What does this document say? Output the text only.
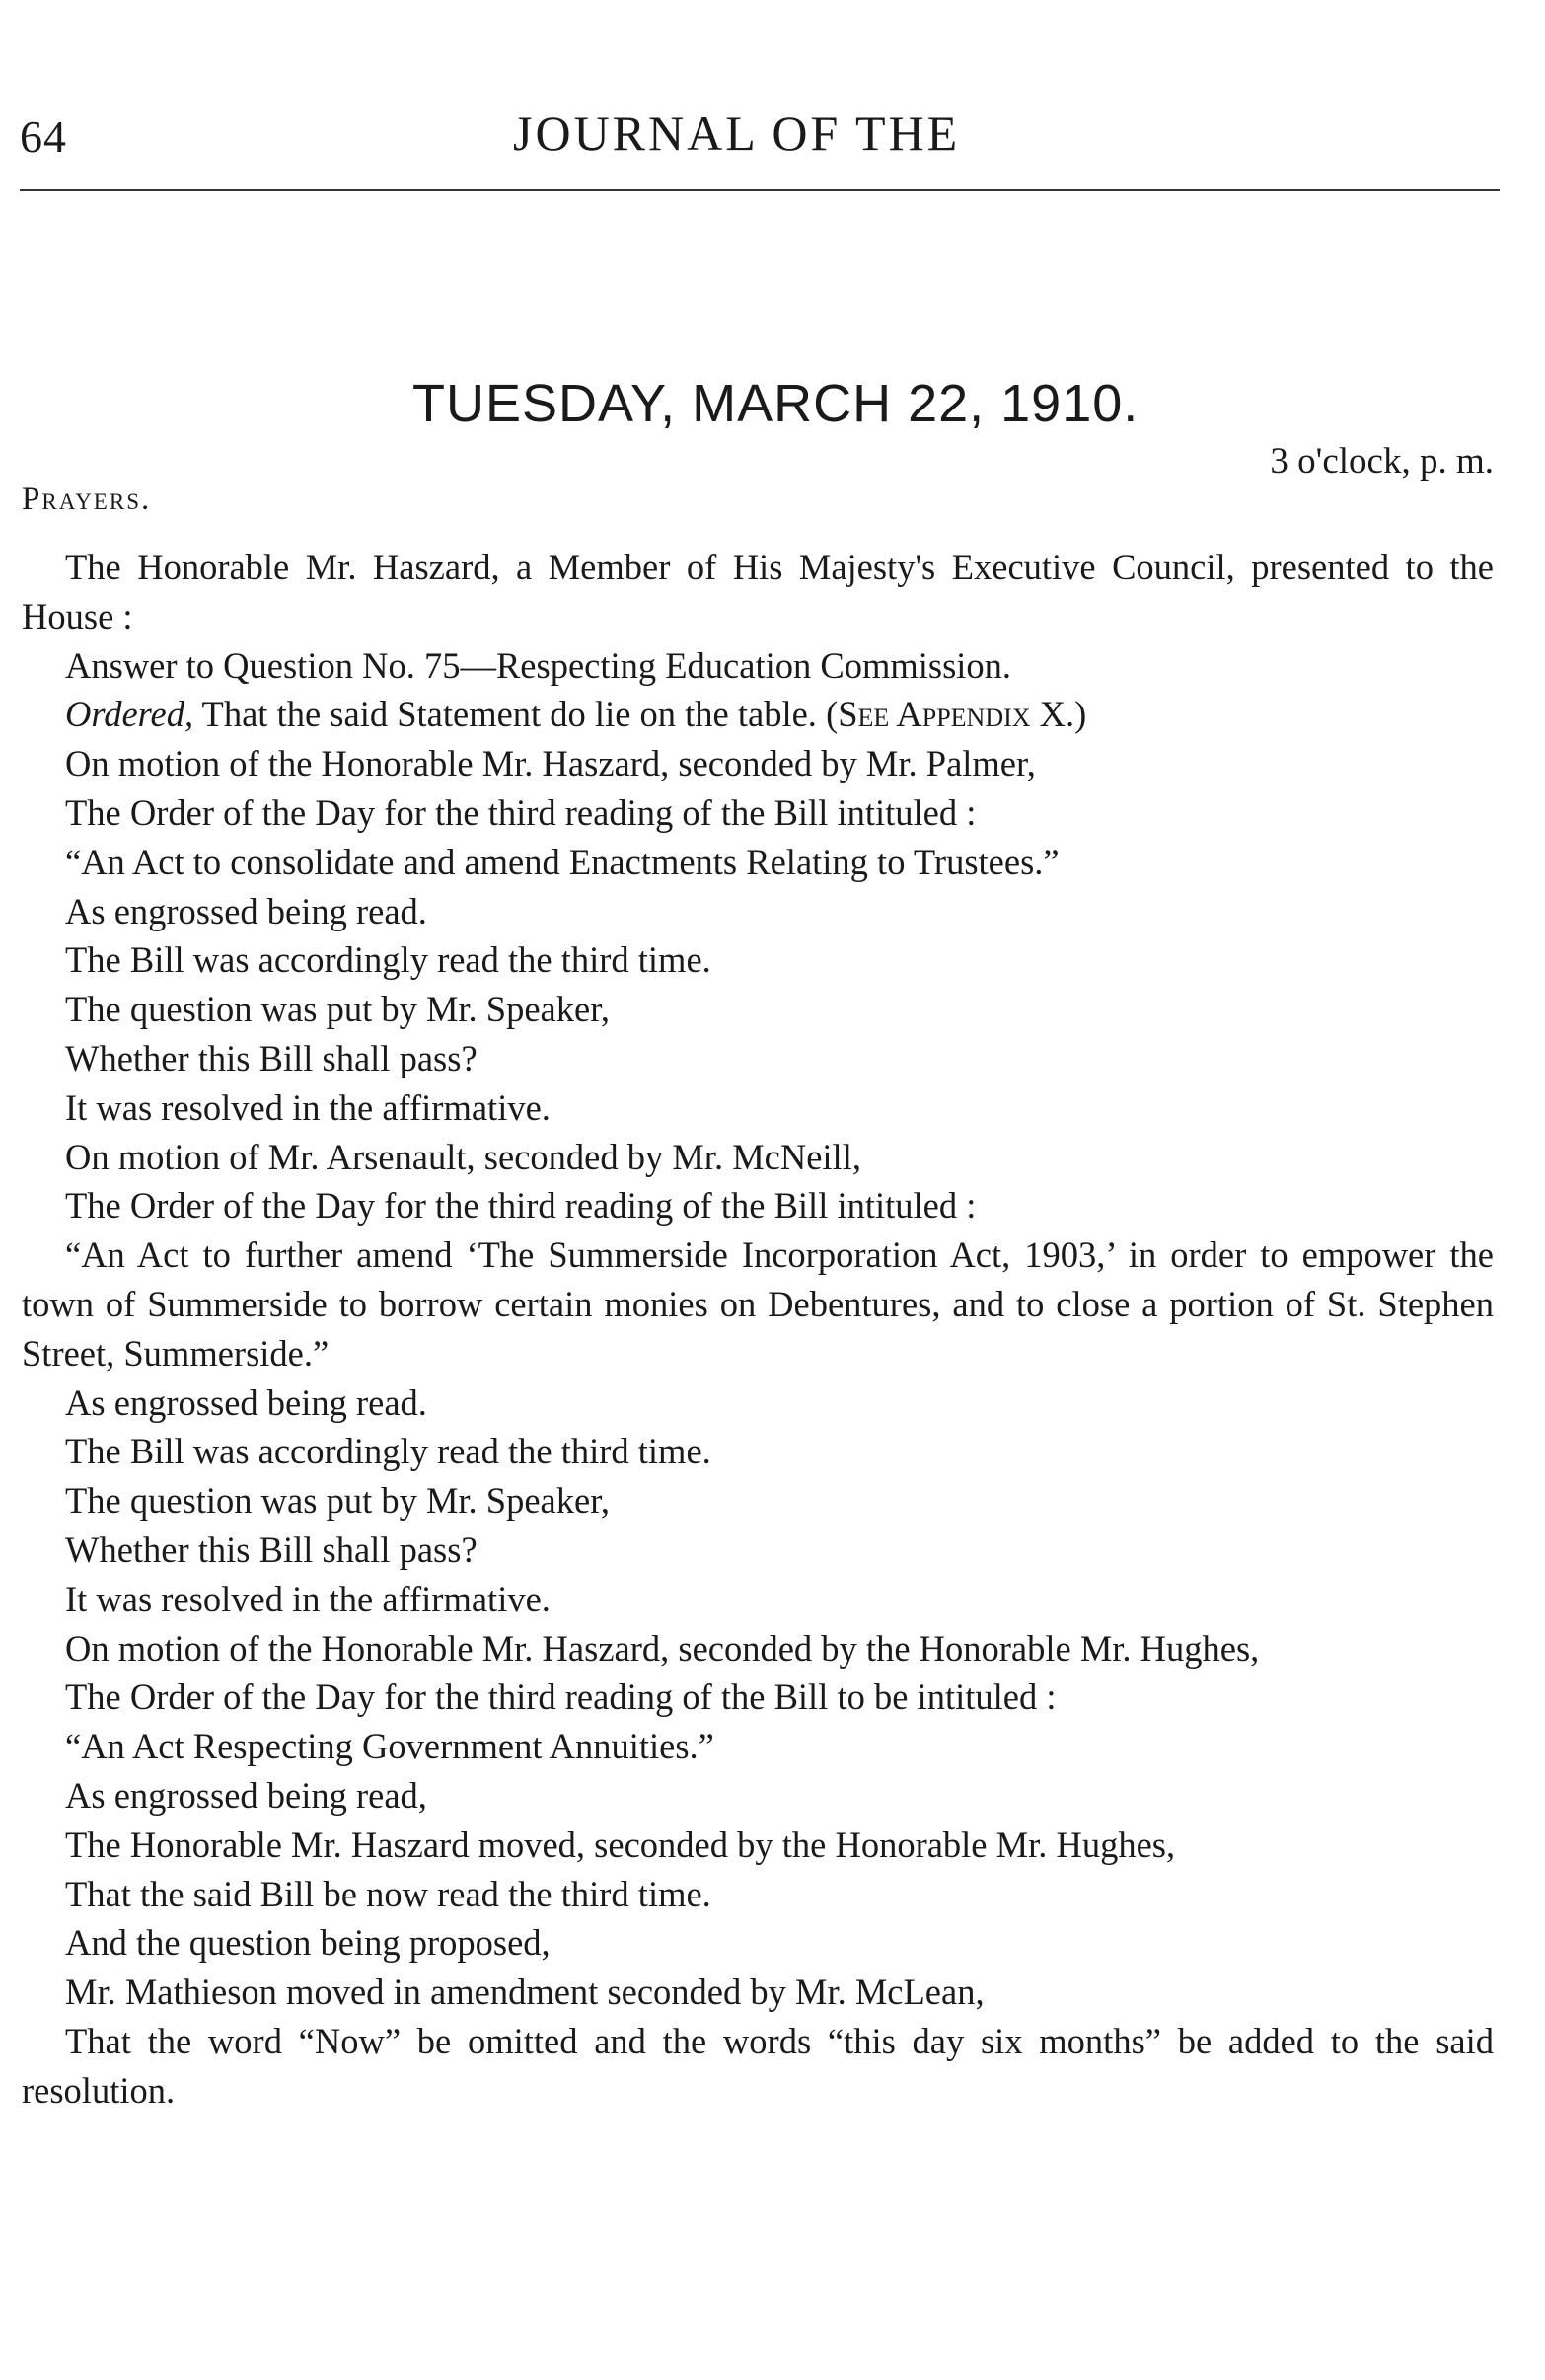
64	JOURNAL OF THE
TUESDAY, MARCH 22, 1910.
3 o'clock, p. m.
Prayers.

The Honorable Mr. Haszard, a Member of His Majesty's Executive Council, presented to the House :

Answer to Question No. 75—Respecting Education Commission.

Ordered, That the said Statement do lie on the table. (See Appendix X.)

On motion of the Honorable Mr. Haszard, seconded by Mr. Palmer,

The Order of the Day for the third reading of the Bill intituled :

“An Act to consolidate and amend Enactments Relating to Trustees.”

As engrossed being read.

The Bill was accordingly read the third time.

The question was put by Mr. Speaker,

Whether this Bill shall pass?

It was resolved in the affirmative.

On motion of Mr. Arsenault, seconded by Mr. McNeill,

The Order of the Day for the third reading of the Bill intituled :

“An Act to further amend ‘The Summerside Incorporation Act, 1903,’ in order to empower the town of Summerside to borrow certain monies on Debentures, and to close a portion of St. Stephen Street, Summerside.”

As engrossed being read.

The Bill was accordingly read the third time.

The question was put by Mr. Speaker,

Whether this Bill shall pass?

It was resolved in the affirmative.

On motion of the Honorable Mr. Haszard, seconded by the Honorable Mr. Hughes,

The Order of the Day for the third reading of the Bill to be intituled :

“An Act Respecting Government Annuities.”

As engrossed being read,

The Honorable Mr. Haszard moved, seconded by the Honorable Mr. Hughes,

That the said Bill be now read the third time.

And the question being proposed,

Mr. Mathieson moved in amendment seconded by Mr. McLean,

That the word “Now” be omitted and the words “this day six months” be added to the said resolution.
